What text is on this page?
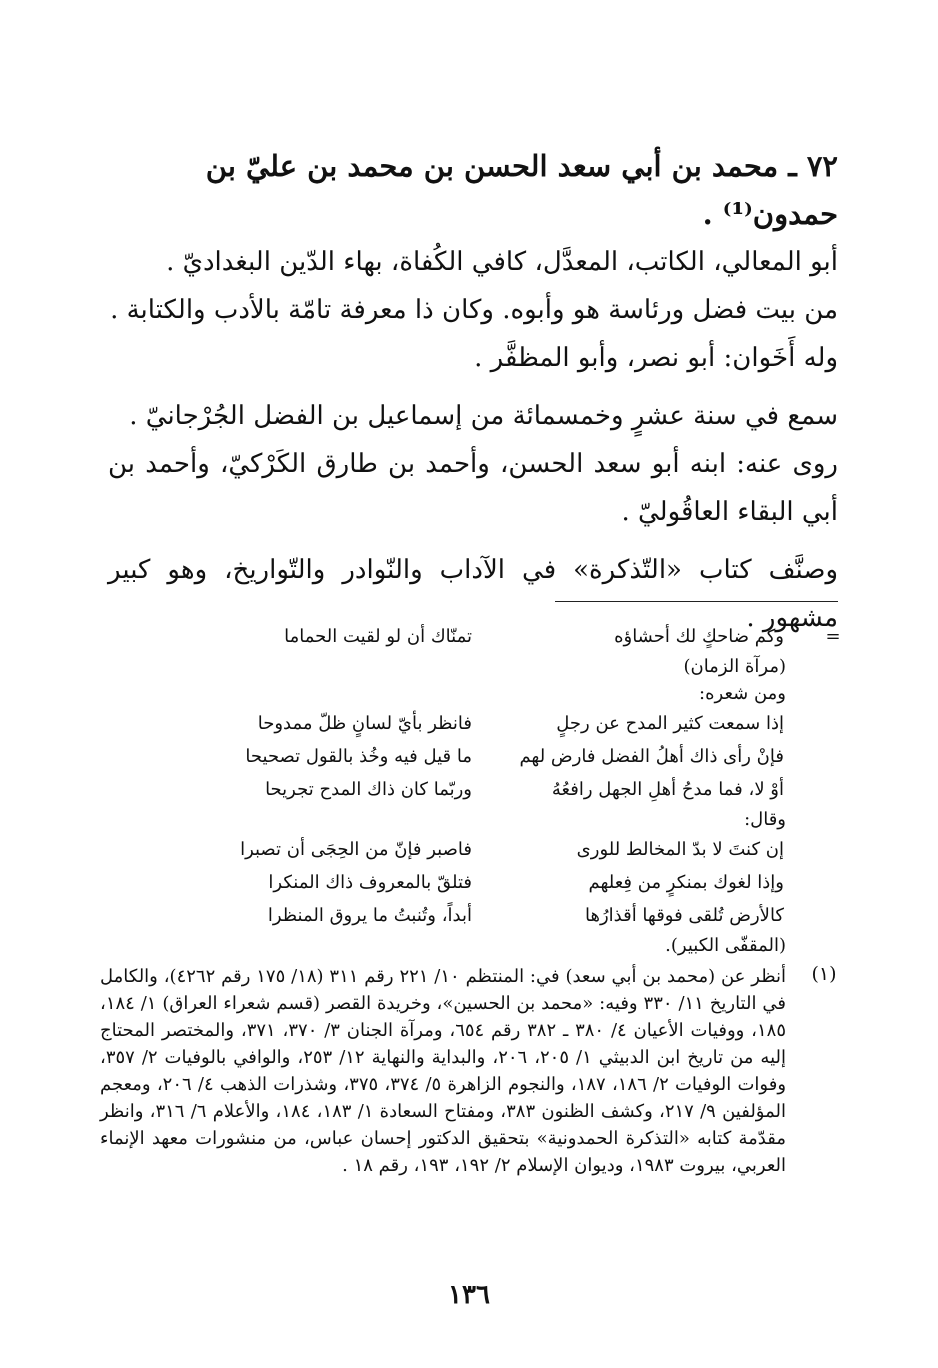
٧٢ ـ محمد بن أبي سعد الحسن بن محمد بن عليّ بن حمدون⁽¹⁾ .

أبو المعالي، الكاتب، المعدَّل، كافي الكُفاة، بهاء الدّين البغداديّ .

من بيت فضل ورئاسة هو وأبوه. وكان ذا معرفة تامّة بالأدب والكتابة .

وله أَخَوان: أبو نصر، وأبو المظفَّر .

سمع في سنة عشرٍ وخمسمائة من إسماعيل بن الفضل الجُرْجانيّ .

روى عنه: ابنه أبو سعد الحسن، وأحمد بن طارق الكَرْكيّ، وأحمد بن أبي البقاء العاقُوليّ .

وصنَّف كتاب «التّذكرة» في الآداب والنّوادر والتّواريخ، وهو كبير مشهور .

=
وكم ضاحكٍ لك أحشاؤه
تمنّاك أن لو لقيت الحماما
(مرآة الزمان)
ومن شعره:
إذا سمعت كثير المدح عن رجلٍ
فانظر بأيّ لسانٍ ظلّ ممدوحا
فإنْ رأى ذاك أهلُ الفضل فارض لهم
ما قيل فيه وخُذ بالقول تصحيحا
أوْ لا، فما مدحُ أهلِ الجهل رافعُهُ
وربّما كان ذاك المدح تجريحا
وقال:
إن كنتَ لا بدّ المخالط للورى
فاصبر فإنّ من الحِجَى أن تصبرا
وإذا لغوك بمنكرٍ من فِعلهم
فتلقّ بالمعروف ذاك المنكرا
كالأرض تُلقى فوقها أقذارُها
أبداً، وتُنبتُ ما يروق المنظرا
(المقفّى الكبير).
(١)
أنظر عن (محمد بن أبي سعد) في: المنتظم ١٠/ ٢٢١ رقم ٣١١ (١٨/ ١٧٥ رقم ٤٢٦٢)، والكامل في التاريخ ١١/ ٣٣٠ وفيه: «محمد بن الحسين»، وخريدة القصر (قسم شعراء العراق) ١/ ١٨٤، ١٨٥، ووفيات الأعيان ٤/ ٣٨٠ ـ ٣٨٢ رقم ٦٥٤، ومرآة الجنان ٣/ ٣٧٠، ٣٧١، والمختصر المحتاج إليه من تاريخ ابن الدبيثي ١/ ٢٠٥، ٢٠٦، والبداية والنهاية ١٢/ ٢٥٣، والوافي بالوفيات ٢/ ٣٥٧، وفوات الوفيات ٢/ ١٨٦، ١٨٧، والنجوم الزاهرة ٥/ ٣٧٤، ٣٧٥، وشذرات الذهب ٤/ ٢٠٦، ومعجم المؤلفين ٩/ ٢١٧، وكشف الظنون ٣٨٣، ومفتاح السعادة ١/ ١٨٣، ١٨٤، والأعلام ٦/ ٣١٦، وانظر مقدّمة كتابه «التذكرة الحمدونية» بتحقيق الدكتور إحسان عباس، من منشورات معهد الإنماء العربي، بيروت ١٩٨٣، وديوان الإسلام ٢/ ١٩٢، ١٩٣، رقم ١٨ .
١٣٦
